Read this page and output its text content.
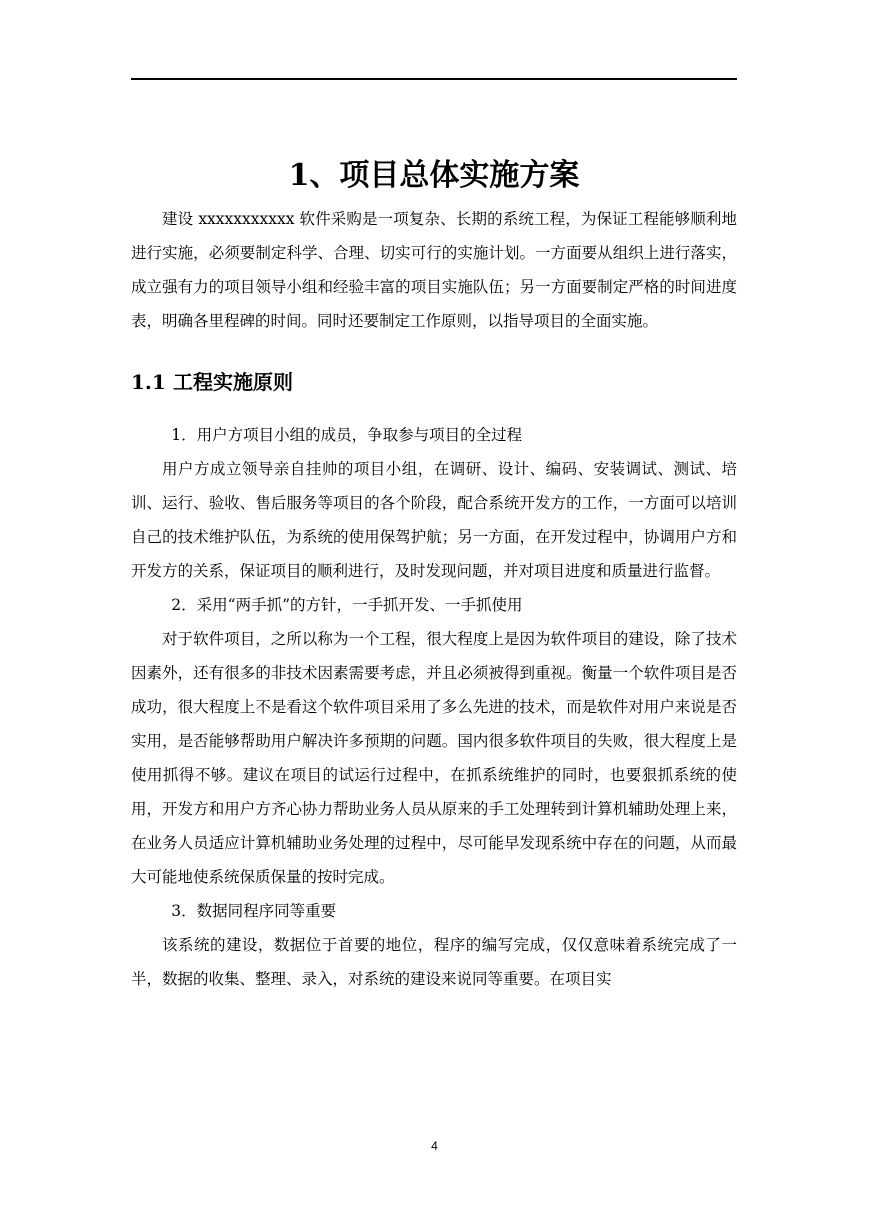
1、项目总体实施方案

建设 xxxxxxxxxxx 软件采购是一项复杂、长期的系统工程，为保证工程能够顺利地进行实施，必须要制定科学、合理、切实可行的实施计划。一方面要从组织上进行落实，成立强有力的项目领导小组和经验丰富的项目实施队伍；另一方面要制定严格的时间进度表，明确各里程碑的时间。同时还要制定工作原则，以指导项目的全面实施。

1.1 工程实施原则

1．用户方项目小组的成员，争取参与项目的全过程

用户方成立领导亲自挂帅的项目小组，在调研、设计、编码、安装调试、测试、培训、运行、验收、售后服务等项目的各个阶段，配合系统开发方的工作，一方面可以培训自己的技术维护队伍，为系统的使用保驾护航；另一方面，在开发过程中，协调用户方和开发方的关系，保证项目的顺利进行，及时发现问题，并对项目进度和质量进行监督。

2．采用“两手抓”的方针，一手抓开发、一手抓使用

对于软件项目，之所以称为一个工程，很大程度上是因为软件项目的建设，除了技术因素外，还有很多的非技术因素需要考虑，并且必须被得到重视。衡量一个软件项目是否成功，很大程度上不是看这个软件项目采用了多么先进的技术，而是软件对用户来说是否实用，是否能够帮助用户解决许多预期的问题。国内很多软件项目的失败，很大程度上是使用抓得不够。建议在项目的试运行过程中，在抓系统维护的同时，也要狠抓系统的使用，开发方和用户方齐心协力帮助业务人员从原来的手工处理转到计算机辅助处理上来，在业务人员适应计算机辅助业务处理的过程中，尽可能早发现系统中存在的问题，从而最大可能地使系统保质保量的按时完成。

3．数据同程序同等重要

该系统的建设，数据位于首要的地位，程序的编写完成，仅仅意味着系统完成了一半，数据的收集、整理、录入，对系统的建设来说同等重要。在项目实

4
